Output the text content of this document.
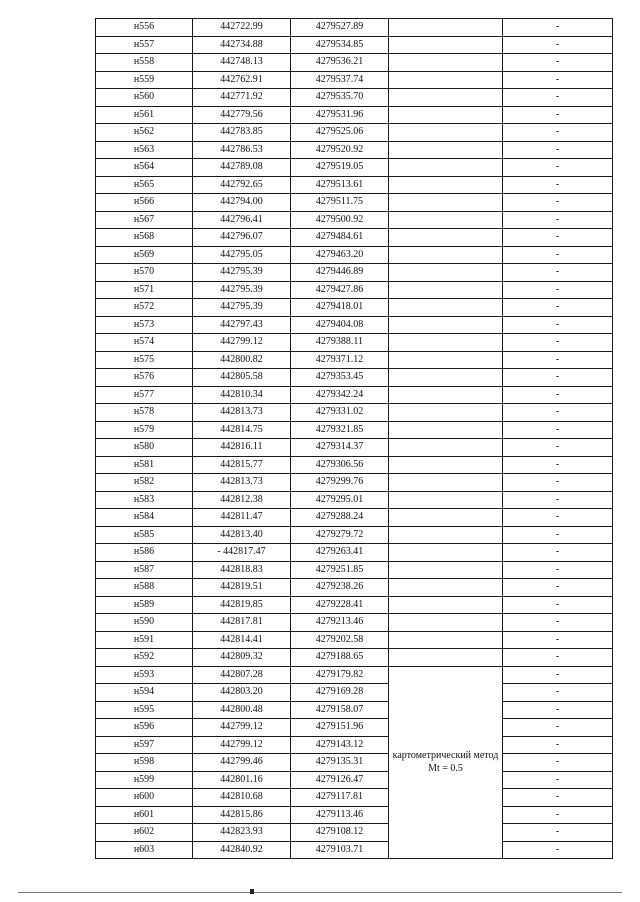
н556	442722.99	4279527.89		-
н557	442734.88	4279534.85		-
н558	442748.13	4279536.21		-
н559	442762.91	4279537.74		-
н560	442771.92	4279535.70		-
н561	442779.56	4279531.96		-
н562	442783.85	4279525.06		-
н563	442786.53	4279520.92		-
н564	442789.08	4279519.05		-
н565	442792.65	4279513.61		-
н566	442794.00	4279511.75		-
н567	442796.41	4279500.92		-
н568	442796.07	4279484.61		-
н569	442795.05	4279463.20		-
н570	442795.39	4279446.89		-
н571	442795.39	4279427.86		-
н572	442795.39	4279418.01		-
н573	442797.43	4279404.08		-
н574	442799.12	4279388.11		-
н575	442800.82	4279371.12		-
н576	442805.58	4279353.45		-
н577	442810.34	4279342.24		-
н578	442813.73	4279331.02		-
н579	442814.75	4279321.85		-
н580	442816.11	4279314.37		-
н581	442815.77	4279306.56		-
н582	442813.73	4279299.76		-
н583	442812.38	4279295.01		-
н584	442811.47	4279288.24		-
н585	442813.40	4279279.72		-
н586	- 442817.47	4279263.41		-
н587	442818.83	4279251.85		-
н588	442819.51	4279238.26		-
н589	442819.85	4279228.41		-
н590	442817.81	4279213.46		-
н591	442814.41	4279202.58		-
н592	442809.32	4279188.65		-
н593	442807.28	4279179.82	картометрический метод Mt = 0.5	-
н594	442803.20	4279169.28		-
н595	442800.48	4279158.07		-
н596	442799.12	4279151.96		-
н597	442799.12	4279143.12		-
н598	442799.46	4279135.31		-
н599	442801.16	4279126.47		-
н600	442810.68	4279117.81		-
н601	442815.86	4279113.46		-
н602	442823.93	4279108.12		-
н603	442840.92	4279103.71		-
